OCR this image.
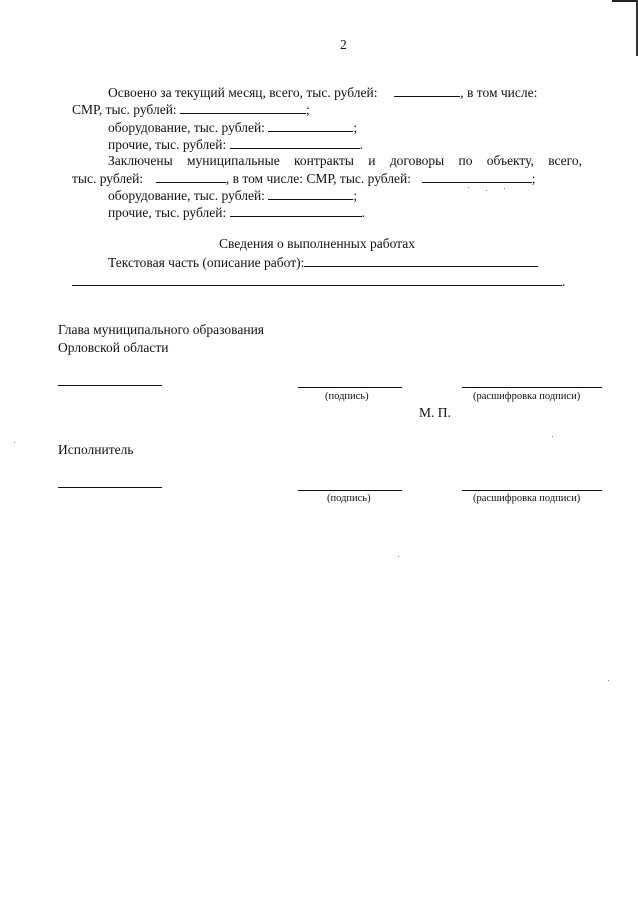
2
Освоено за текущий месяц, всего, тыс. рублей:	, в том числе:
СМР, тыс. рублей:	;
оборудование, тыс. рублей:	;
прочие, тыс. рублей:	.
Заключены муниципальные контракты и договоры по объекту, всего,
тыс. рублей:	, в том числе: СМР, тыс. рублей:	;
оборудование, тыс. рублей:	;
прочие, тыс. рублей:	.
Сведения о выполненных работах
Текстовая часть (описание работ):
.
Глава муниципального образования
Орловской области
(подпись)	(расшифровка подписи)
М. П.
Исполнитель
(подпись)	(расшифровка подписи)
